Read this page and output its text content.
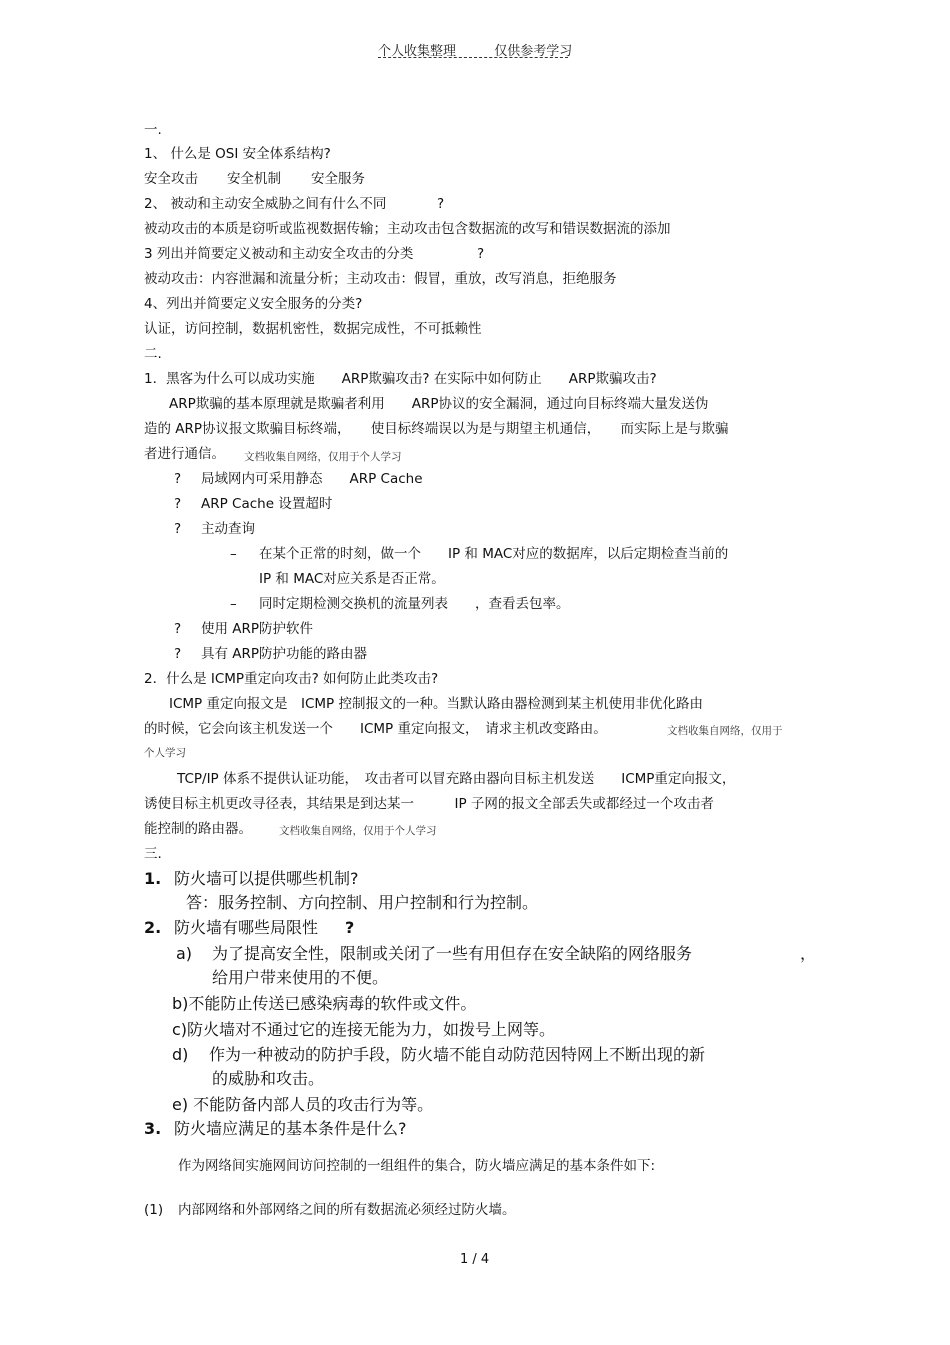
个人收集整理	仅供参考学习
一.
1、 什么是 OSI 安全体系结构?
安全攻击 安全机制 安全服务
2、 被动和主动安全威胁之间有什么不同	?
被动攻击的本质是窃听或监视数据传输；主动攻击包含数据流的改写和错误数据流的添加
3 列出并简要定义被动和主动安全攻击的分类	?
被动攻击：内容泄漏和流量分析；主动攻击：假冒，重放，改写消息，拒绝服务
4、列出并简要定义安全服务的分类?
认证，访问控制，数据机密性，数据完成性，不可抵赖性
二.
1．黑客为什么可以成功实施　　ARP欺骗攻击? 在实际中如何防止　　ARP欺骗攻击?
ARP欺骗的基本原理就是欺骗者利用　　ARP协议的安全漏洞，通过向目标终端大量发送伪
造的 ARP协议报文欺骗目标终端，　　使目标终端误以为是与期望主机通信，　　而实际上是与欺骗
者进行通信。 文档收集自网络，仅用于个人学习
? 局域网内可采用静态　　ARP Cache
? ARP Cache 设置超时
? 主动查询
– 在某个正常的时刻，做一个　　IP 和 MAC对应的数据库，以后定期检查当前的
IP 和 MAC对应关系是否正常。
– 同时定期检测交换机的流量列表　　，查看丢包率。
? 使用 ARP防护软件
? 具有 ARP防护功能的路由器
2．什么是 ICMP重定向攻击? 如何防止此类攻击?
ICMP 重定向报文是　ICMP 控制报文的一种。当默认路由器检测到某主机使用非优化路由
的时候，它会向该主机发送一个　　ICMP 重定向报文，　请求主机改变路由。	文档收集自网络，仅用于
个人学习
TCP/IP 体系不提供认证功能，　攻击者可以冒充路由器向目标主机发送　　ICMP重定向报文，
诱使目标主机更改寻径表，其结果是到达某一　　　IP 子网的报文全部丢失或都经过一个攻击者
能控制的路由器。	文档收集自网络，仅用于个人学习
三.
1. 防火墙可以提供哪些机制?
答：服务控制、方向控制、用户控制和行为控制。
2. 防火墙有哪些局限性 ?
a) 为了提高安全性，限制或关闭了一些有用但存在安全缺陷的网络服务	，
给用户带来使用的不便。
b)不能防止传送已感染病毒的软件或文件。
c)防火墙对不通过它的连接无能为力，如拨号上网等。
d) 作为一种被动的防护手段，防火墙不能自动防范因特网上不断出现的新
的威胁和攻击。
e) 不能防备内部人员的攻击行为等。
3. 防火墙应满足的基本条件是什么?
作为网络间实施网间访问控制的一组组件的集合，防火墙应满足的基本条件如下:
(1) 内部网络和外部网络之间的所有数据流必须经过防火墙。
1 / 4
